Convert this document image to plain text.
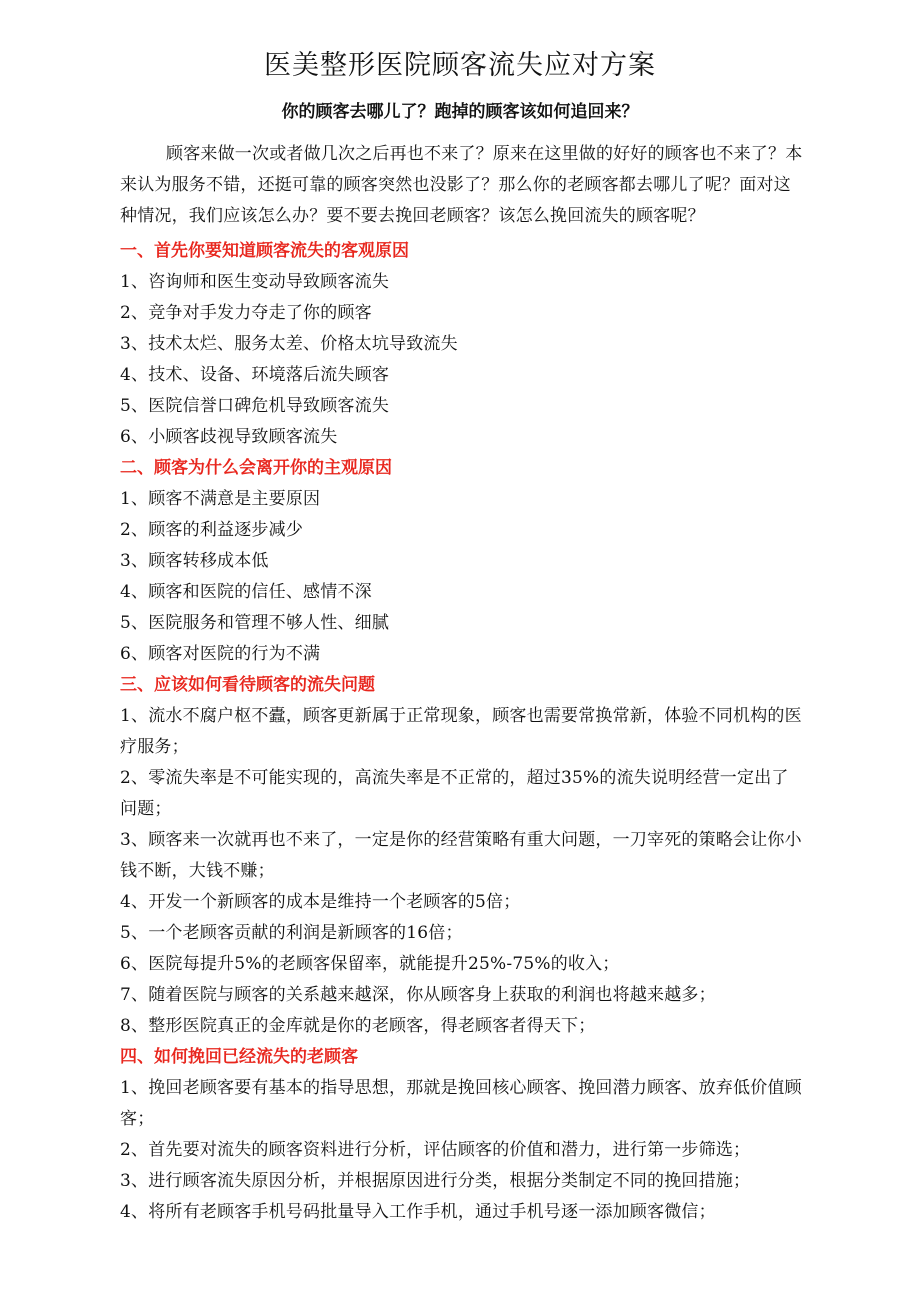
医美整形医院顾客流失应对方案
你的顾客去哪儿了？跑掉的顾客该如何追回来？

顾客来做一次或者做几次之后再也不来了？原来在这里做的好好的顾客也不来了？本来认为服务不错，还挺可靠的顾客突然也没影了？那么你的老顾客都去哪儿了呢？面对这种情况，我们应该怎么办？要不要去挽回老顾客？该怎么挽回流失的顾客呢？

一、首先你要知道顾客流失的客观原因

1、咨询师和医生变动导致顾客流失

2、竞争对手发力夺走了你的顾客

3、技术太烂、服务太差、价格太坑导致流失

4、技术、设备、环境落后流失顾客

5、医院信誉口碑危机导致顾客流失

6、小顾客歧视导致顾客流失

二、顾客为什么会离开你的主观原因

1、顾客不满意是主要原因

2、顾客的利益逐步减少

3、顾客转移成本低

4、顾客和医院的信任、感情不深

5、医院服务和管理不够人性、细腻

6、顾客对医院的行为不满

三、应该如何看待顾客的流失问题

1、流水不腐户枢不蠹，顾客更新属于正常现象，顾客也需要常换常新，体验不同机构的医疗服务；

2、零流失率是不可能实现的，高流失率是不正常的，超过35%的流失说明经营一定出了问题；

3、顾客来一次就再也不来了，一定是你的经营策略有重大问题，一刀宰死的策略会让你小钱不断，大钱不赚；

4、开发一个新顾客的成本是维持一个老顾客的5倍；

5、一个老顾客贡献的利润是新顾客的16倍；

6、医院每提升5%的老顾客保留率，就能提升25%-75%的收入；

7、随着医院与顾客的关系越来越深，你从顾客身上获取的利润也将越来越多；

8、整形医院真正的金库就是你的老顾客，得老顾客者得天下；

四、如何挽回已经流失的老顾客

1、挽回老顾客要有基本的指导思想，那就是挽回核心顾客、挽回潜力顾客、放弃低价值顾客；

2、首先要对流失的顾客资料进行分析，评估顾客的价值和潜力，进行第一步筛选；

3、进行顾客流失原因分析，并根据原因进行分类，根据分类制定不同的挽回措施；

4、将所有老顾客手机号码批量导入工作手机，通过手机号逐一添加顾客微信；
